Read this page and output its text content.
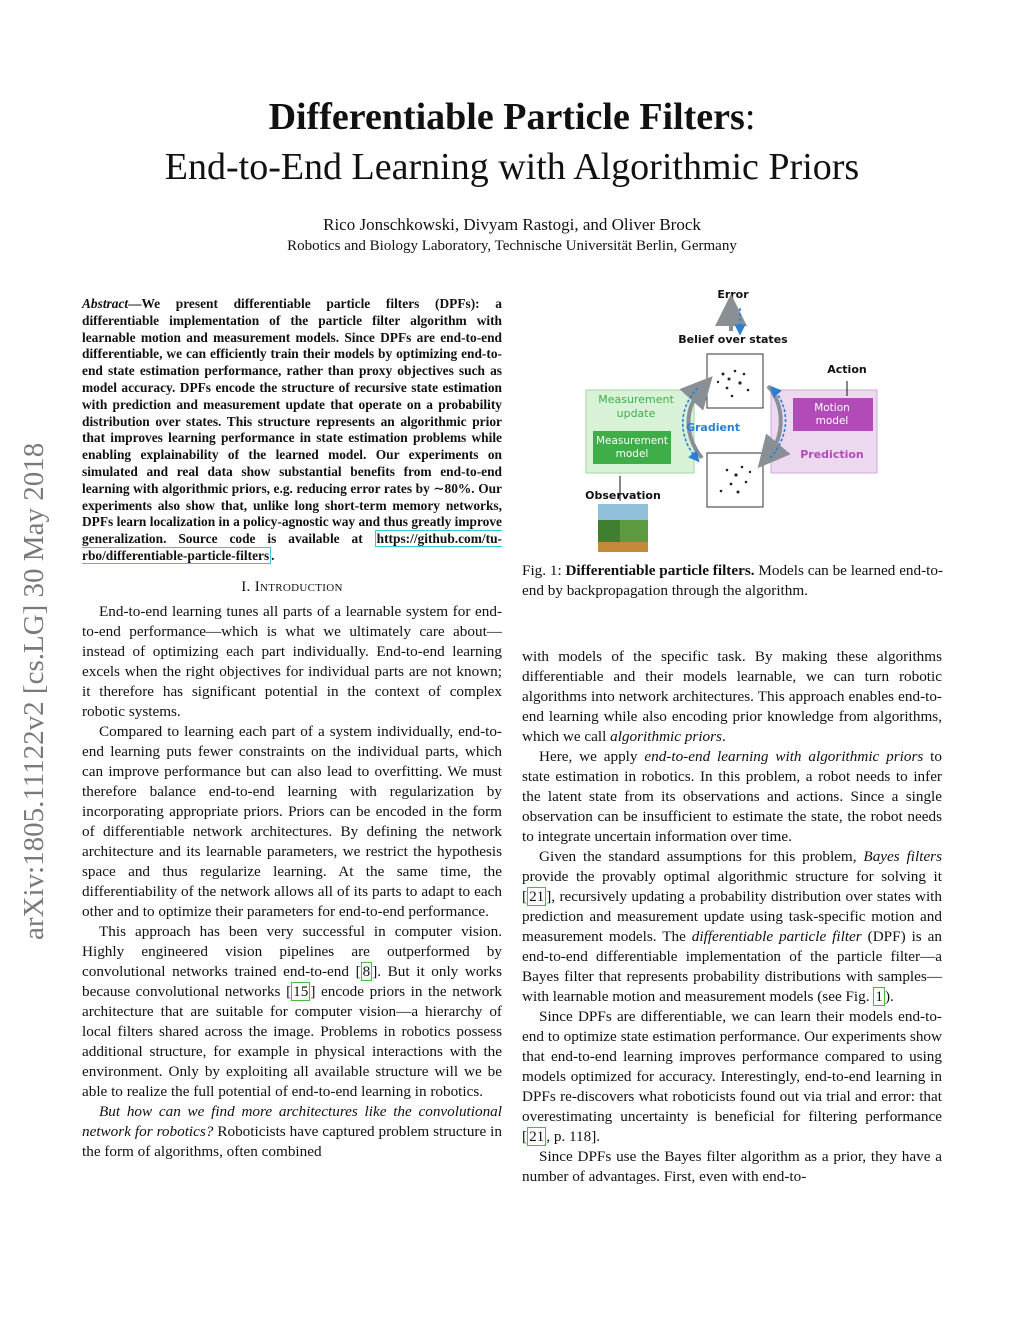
Differentiable Particle Filters:
End-to-End Learning with Algorithmic Priors
Rico Jonschkowski, Divyam Rastogi, and Oliver Brock
Robotics and Biology Laboratory, Technische Universität Berlin, Germany
arXiv:1805.11122v2 [cs.LG] 30 May 2018

Abstract—We present differentiable particle filters (DPFs): a differentiable implementation of the particle filter algorithm with learnable motion and measurement models. Since DPFs are end-to-end differentiable, we can efficiently train their models by optimizing end-to-end state estimation performance, rather than proxy objectives such as model accuracy. DPFs encode the structure of recursive state estimation with prediction and measurement update that operate on a probability distribution over states. This structure represents an algorithmic prior that improves learning performance in state estimation problems while enabling explainability of the learned model. Our experiments on simulated and real data show substantial benefits from end-to-end learning with algorithmic priors, e.g. reducing error rates by ∼80%. Our experiments also show that, unlike long short-term memory networks, DPFs learn localization in a policy-agnostic way and thus greatly improve generalization. Source code is available at https://github.com/tu-rbo/differentiable-particle-filters .

I. Introduction

End-to-end learning tunes all parts of a learnable system for end-to-end performance—which is what we ultimately care about—instead of optimizing each part individually. End-to-end learning excels when the right objectives for individual parts are not known; it therefore has significant potential in the context of complex robotic systems.

Compared to learning each part of a system individually, end-to-end learning puts fewer constraints on the individual parts, which can improve performance but can also lead to overfitting. We must therefore balance end-to-end learning with regularization by incorporating appropriate priors. Priors can be encoded in the form of differentiable network architectures. By defining the network architecture and its learnable parameters, we restrict the hypothesis space and thus regularize learning. At the same time, the differentiability of the network allows all of its parts to adapt to each other and to optimize their parameters for end-to-end performance.

This approach has been very successful in computer vision. Highly engineered vision pipelines are outperformed by convolutional networks trained end-to-end [ 8 ]. But it only works because convolutional networks [ 15 ] encode priors in the network architecture that are suitable for computer vision—a hierarchy of local filters shared across the image. Problems in robotics possess additional structure, for example in physical interactions with the environment. Only by exploiting all available structure will we be able to realize the full potential of end-to-end learning in robotics.

But how can we find more architectures like the convolutional network for robotics? Roboticists have captured problem structure in the form of algorithms, often combined

Error
Belief over states
Measurement
update
Measurement
model
Action
Motion
model
Prediction
Gradient
Observation
Fig. 1: Differentiable particle filters. Models can be learned end-to-end by backpropagation through the algorithm.

with models of the specific task. By making these algorithms differentiable and their models learnable, we can turn robotic algorithms into network architectures. This approach enables end-to-end learning while also encoding prior knowledge from algorithms, which we call algorithmic priors.

Here, we apply end-to-end learning with algorithmic priors to state estimation in robotics. In this problem, a robot needs to infer the latent state from its observations and actions. Since a single observation can be insufficient to estimate the state, the robot needs to integrate uncertain information over time.

Given the standard assumptions for this problem, Bayes filters provide the provably optimal algorithmic structure for solving it [ 21 ], recursively updating a probability distribution over states with prediction and measurement update using task-specific motion and measurement models. The differentiable particle filter (DPF) is an end-to-end differentiable implementation of the particle filter—a Bayes filter that represents probability distributions with samples—with learnable motion and measurement models (see Fig. 1 ).

Since DPFs are differentiable, we can learn their models end-to-end to optimize state estimation performance. Our experiments show that end-to-end learning improves performance compared to using models optimized for accuracy. Interestingly, end-to-end learning in DPFs re-discovers what roboticists found out via trial and error: that overestimating uncertainty is beneficial for filtering performance [ 21 , p. 118].

Since DPFs use the Bayes filter algorithm as a prior, they have a number of advantages. First, even with end-to-
